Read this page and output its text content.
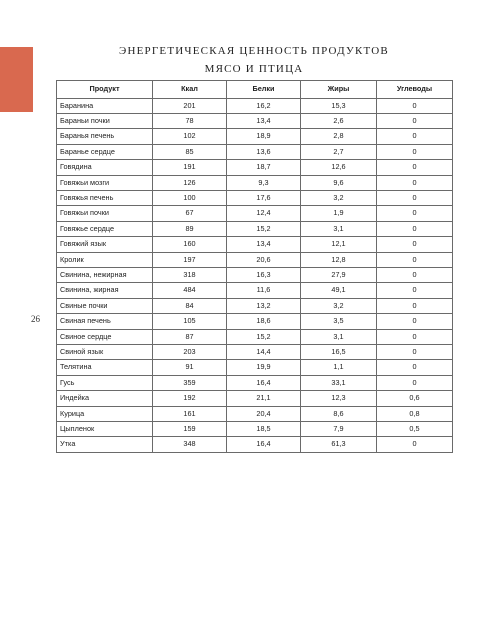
26
ЭНЕРГЕТИЧЕСКАЯ ЦЕННОСТЬ ПРОДУКТОВ
МЯСО И ПТИЦА
Продукт	Ккал	Белки	Жиры	Углеводы
Баранина	201	16,2	15,3	0
Бараньи почки	78	13,4	2,6	0
Баранья печень	102	18,9	2,8	0
Баранье сердце	85	13,6	2,7	0
Говядина	191	18,7	12,6	0
Говяжьи мозги	126	9,3	9,6	0
Говяжья печень	100	17,6	3,2	0
Говяжьи почки	67	12,4	1,9	0
Говяжье сердце	89	15,2	3,1	0
Говяжий язык	160	13,4	12,1	0
Кролик	197	20,6	12,8	0
Свинина, нежирная	318	16,3	27,9	0
Свинина, жирная	484	11,6	49,1	0
Свиные почки	84	13,2	3,2	0
Свиная печень	105	18,6	3,5	0
Свиное сердце	87	15,2	3,1	0
Свиной язык	203	14,4	16,5	0
Телятина	91	19,9	1,1	0
Гусь	359	16,4	33,1	0
Индейка	192	21,1	12,3	0,6
Курица	161	20,4	8,6	0,8
Цыпленок	159	18,5	7,9	0,5
Утка	348	16,4	61,3	0
